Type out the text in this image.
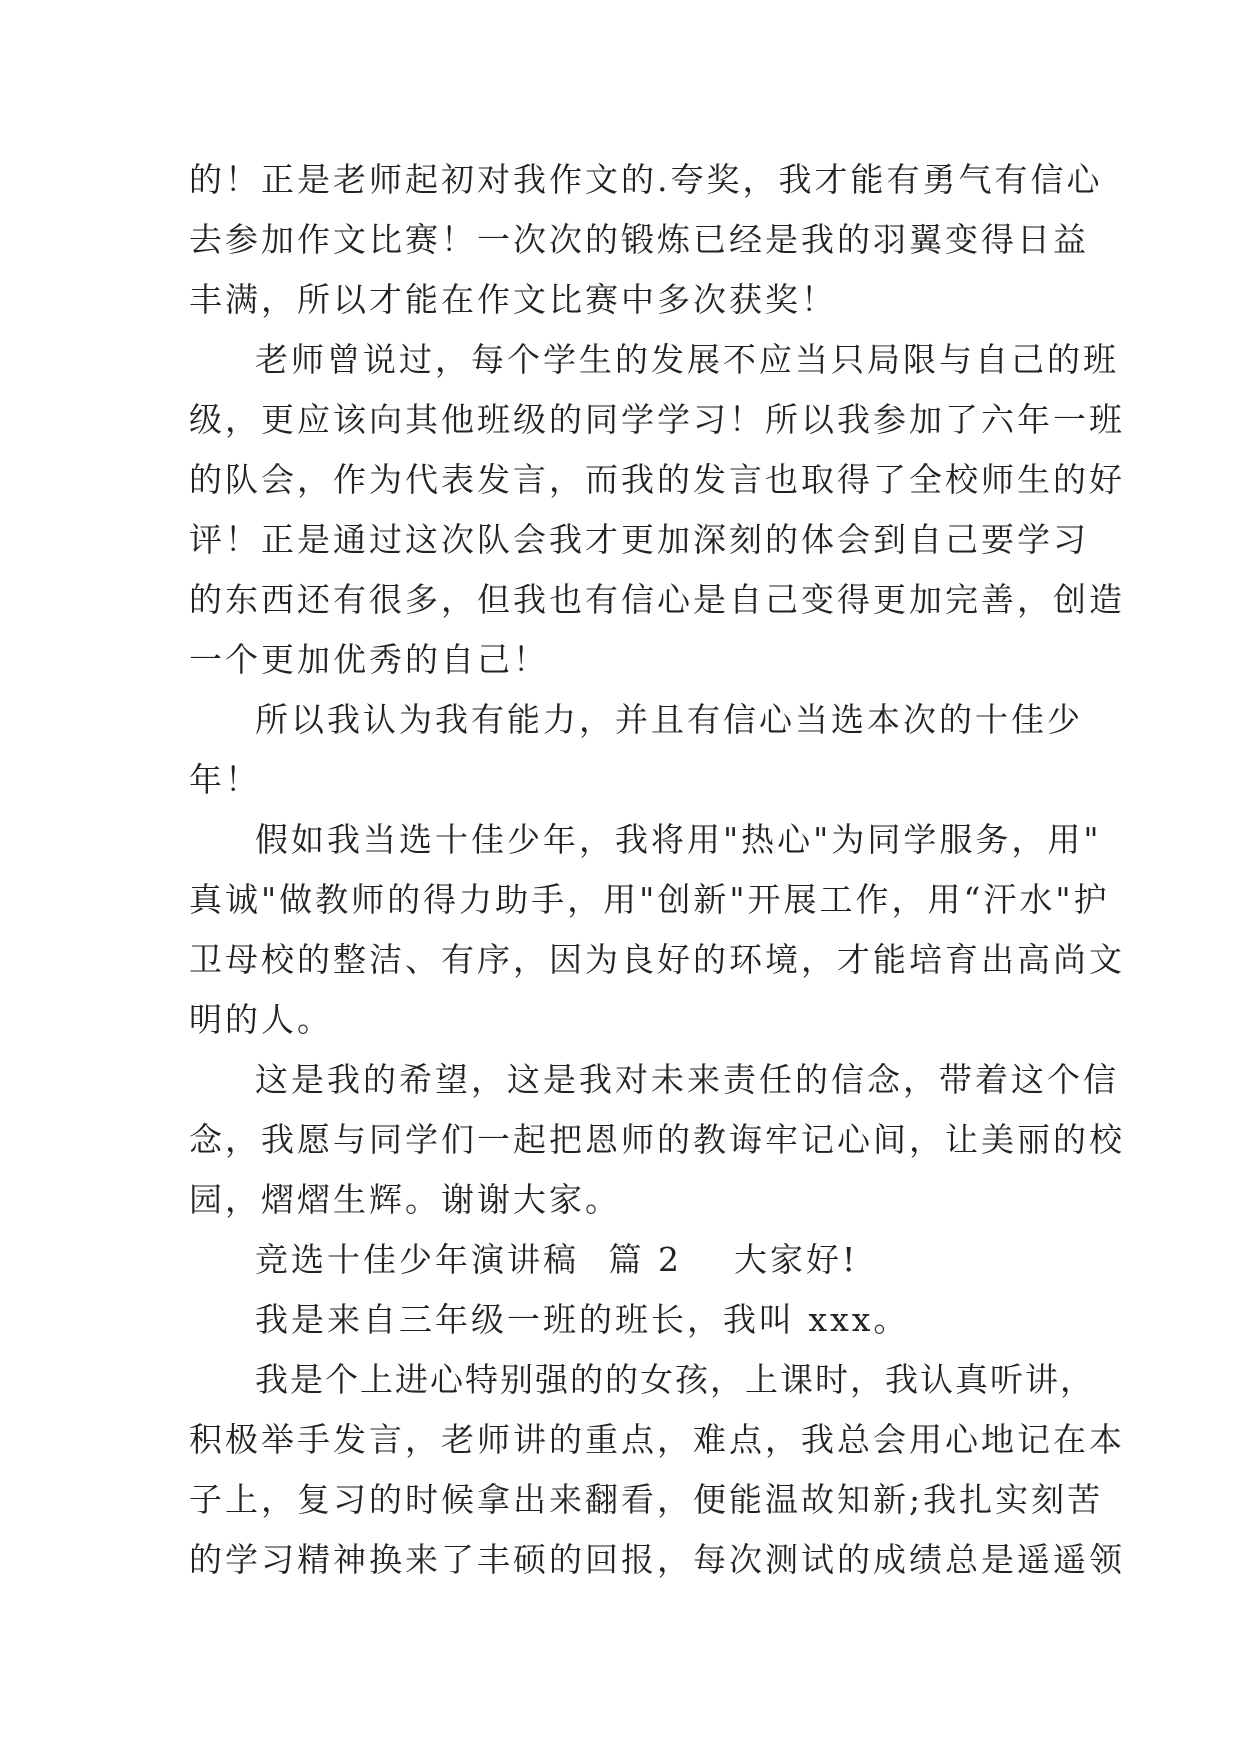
的！正是老师起初对我作文的.夸奖，我才能有勇气有信心
去参加作文比赛！一次次的锻炼已经是我的羽翼变得日益
丰满，所以才能在作文比赛中多次获奖！
老师曾说过，每个学生的发展不应当只局限与自己的班
级，更应该向其他班级的同学学习！所以我参加了六年一班
的队会，作为代表发言，而我的发言也取得了全校师生的好
评！正是通过这次队会我才更加深刻的体会到自己要学习
的东西还有很多，但我也有信心是自己变得更加完善，创造
一个更加优秀的自己！
所以我认为我有能力，并且有信心当选本次的十佳少
年！
假如我当选十佳少年，我将用"热心"为同学服务，用"
真诚"做教师的得力助手，用"创新"开展工作，用“汗水"护
卫母校的整洁、有序，因为良好的环境，才能培育出高尚文
明的人。
这是我的希望，这是我对未来责任的信念，带着这个信
念，我愿与同学们一起把恩师的教诲牢记心间，让美丽的校
园，熠熠生辉。谢谢大家。
竞选十佳少年演讲稿 篇 2 大家好!
我是来自三年级一班的班长，我叫 xxx。
我是个上进心特别强的的女孩，上课时，我认真听讲，
积极举手发言，老师讲的重点，难点，我总会用心地记在本
子上，复习的时候拿出来翻看，便能温故知新;我扎实刻苦
的学习精神换来了丰硕的回报，每次测试的成绩总是遥遥领
